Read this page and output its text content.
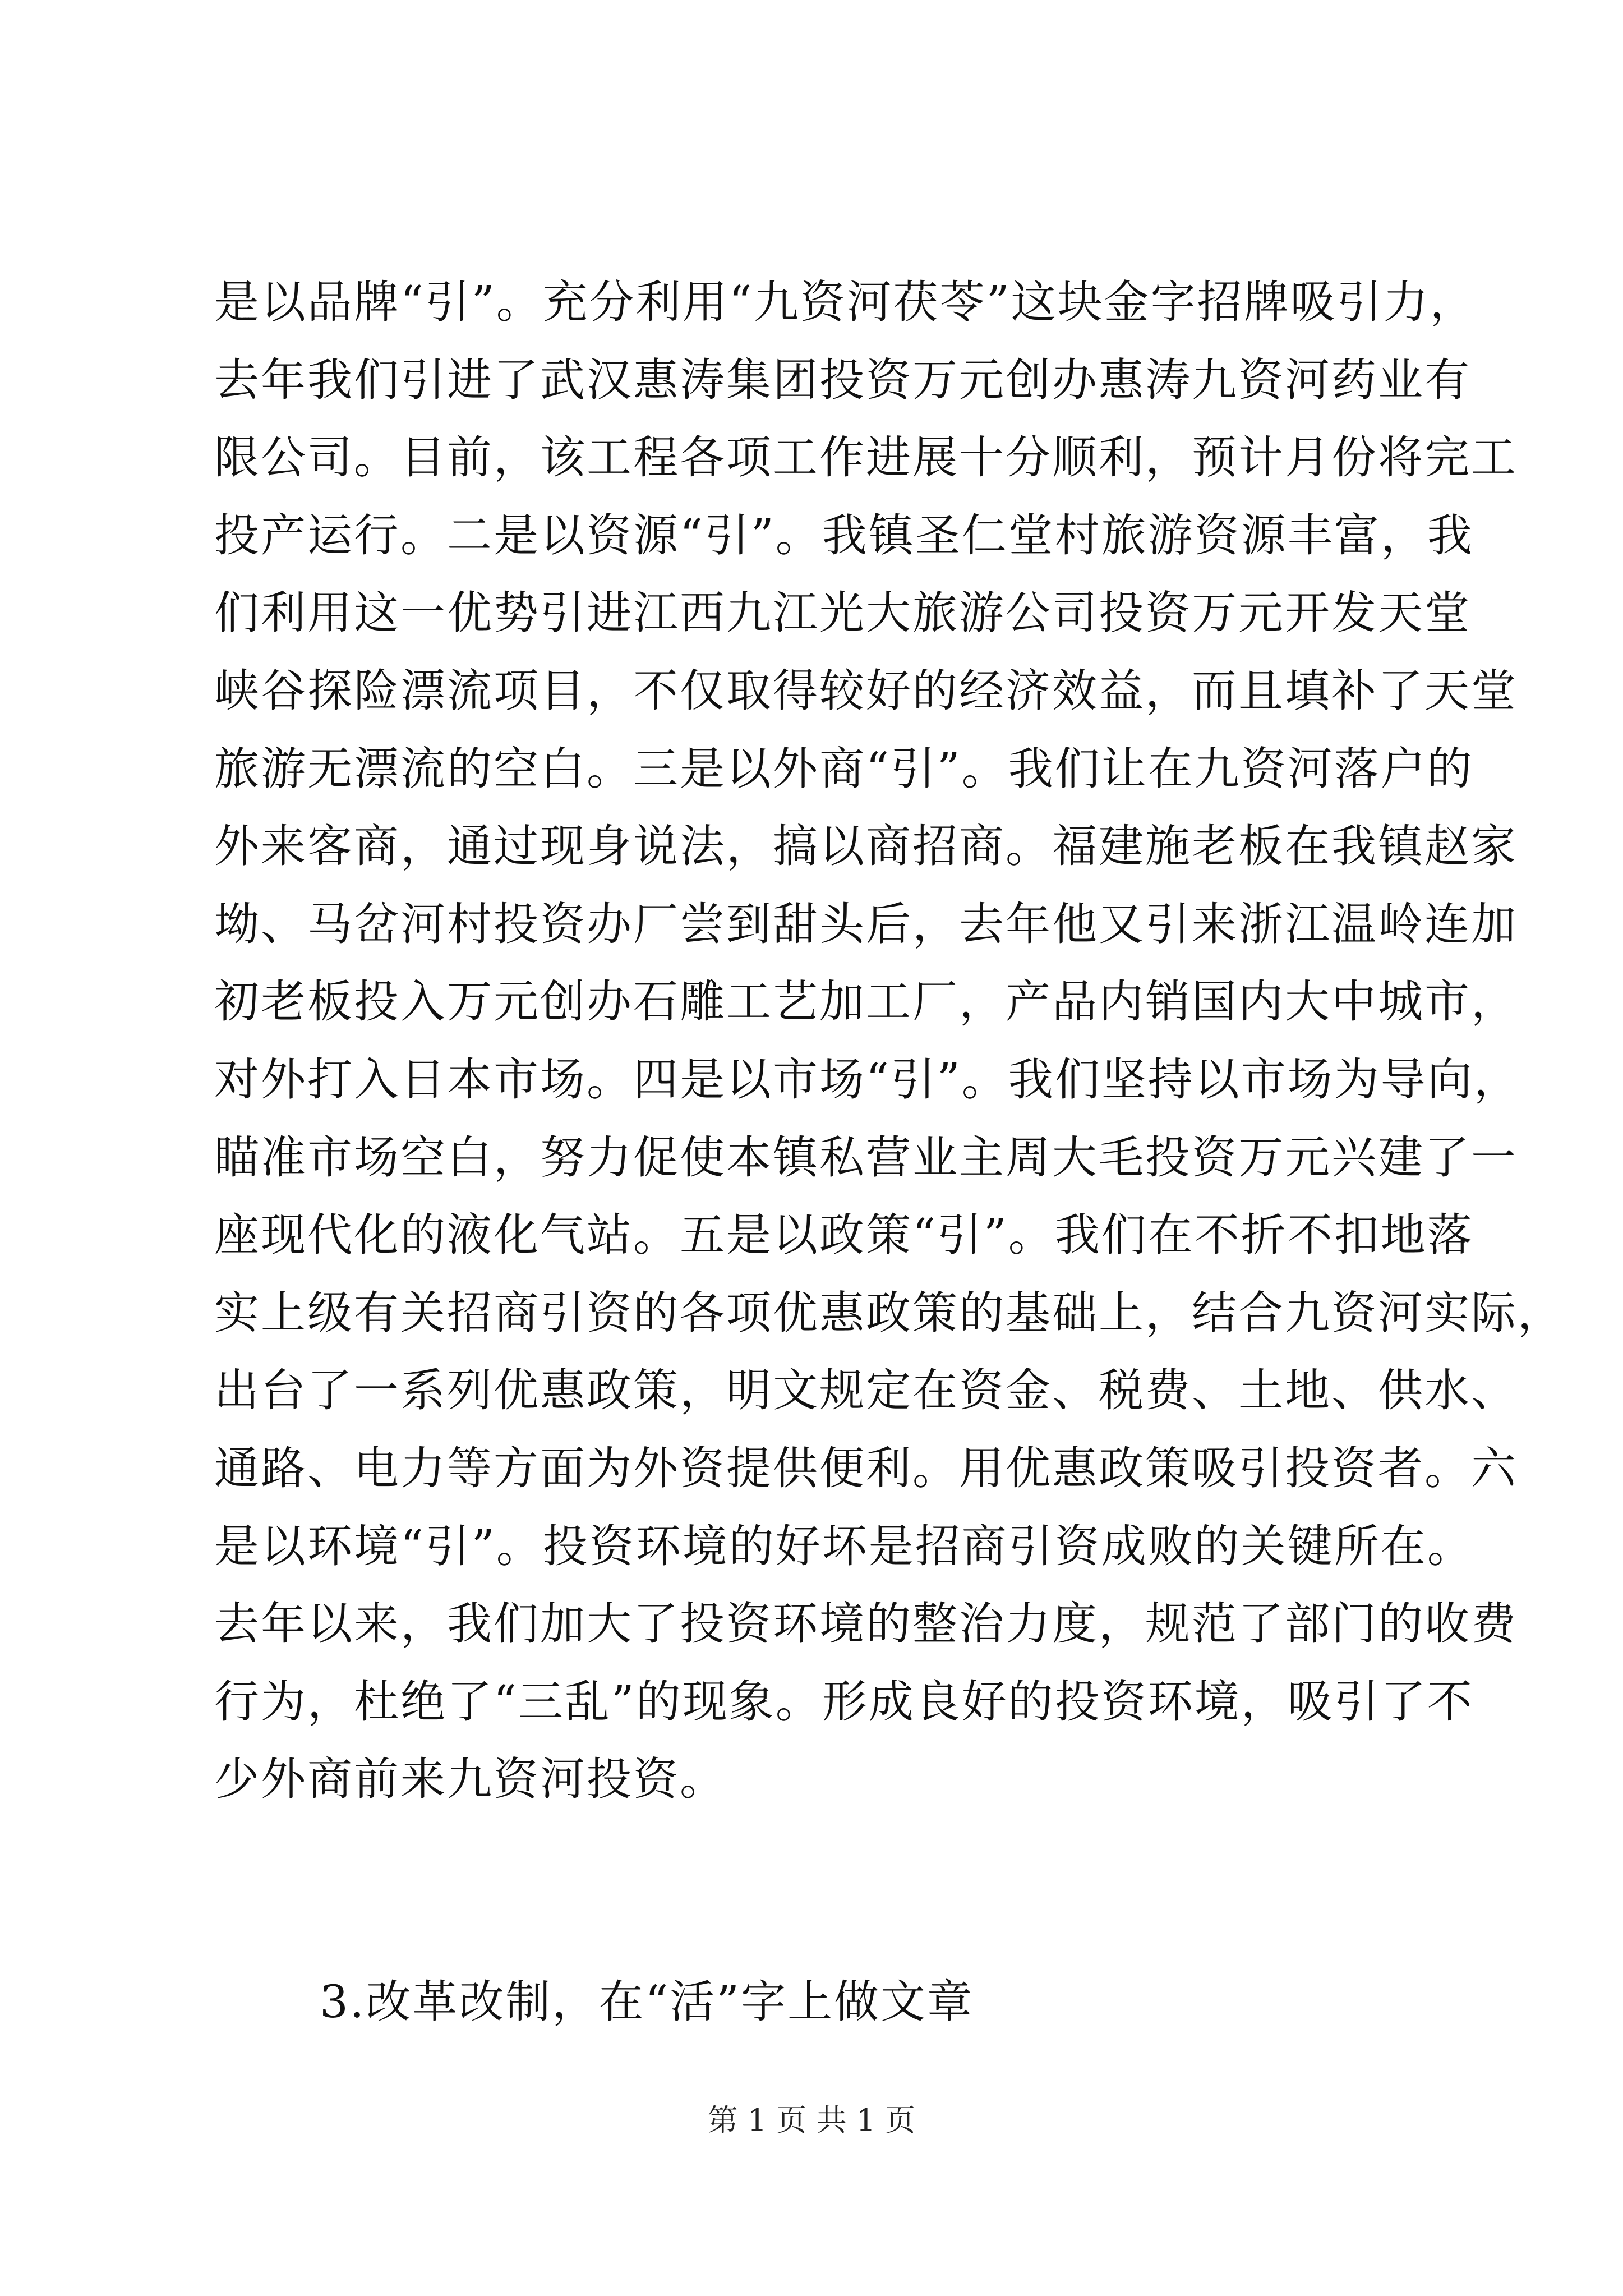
是以品牌“引”。充分利用“九资河茯苓”这块金字招牌吸引力，
去年我们引进了武汉惠涛集团投资万元创办惠涛九资河药业有
限公司。目前，该工程各项工作进展十分顺利，预计月份将完工
投产运行。二是以资源“引”。我镇圣仁堂村旅游资源丰富，我
们利用这一优势引进江西九江光大旅游公司投资万元开发天堂
峡谷探险漂流项目，不仅取得较好的经济效益，而且填补了天堂
旅游无漂流的空白。三是以外商“引”。我们让在九资河落户的
外来客商，通过现身说法，搞以商招商。福建施老板在我镇赵家
坳、马岔河村投资办厂尝到甜头后，去年他又引来浙江温岭连加
初老板投入万元创办石雕工艺加工厂，产品内销国内大中城市，
对外打入日本市场。四是以市场“引”。我们坚持以市场为导向，
瞄准市场空白，努力促使本镇私营业主周大毛投资万元兴建了一
座现代化的液化气站。五是以政策“引”。我们在不折不扣地落
实上级有关招商引资的各项优惠政策的基础上，结合九资河实际，
出台了一系列优惠政策，明文规定在资金、税费、土地、供水、
通路、电力等方面为外资提供便利。用优惠政策吸引投资者。六
是以环境“引”。投资环境的好坏是招商引资成败的关键所在。
去年以来，我们加大了投资环境的整治力度，规范了部门的收费
行为，杜绝了“三乱”的现象。形成良好的投资环境，吸引了不
少外商前来九资河投资。
3.改革改制，在“活”字上做文章
第 1 页 共 1 页
